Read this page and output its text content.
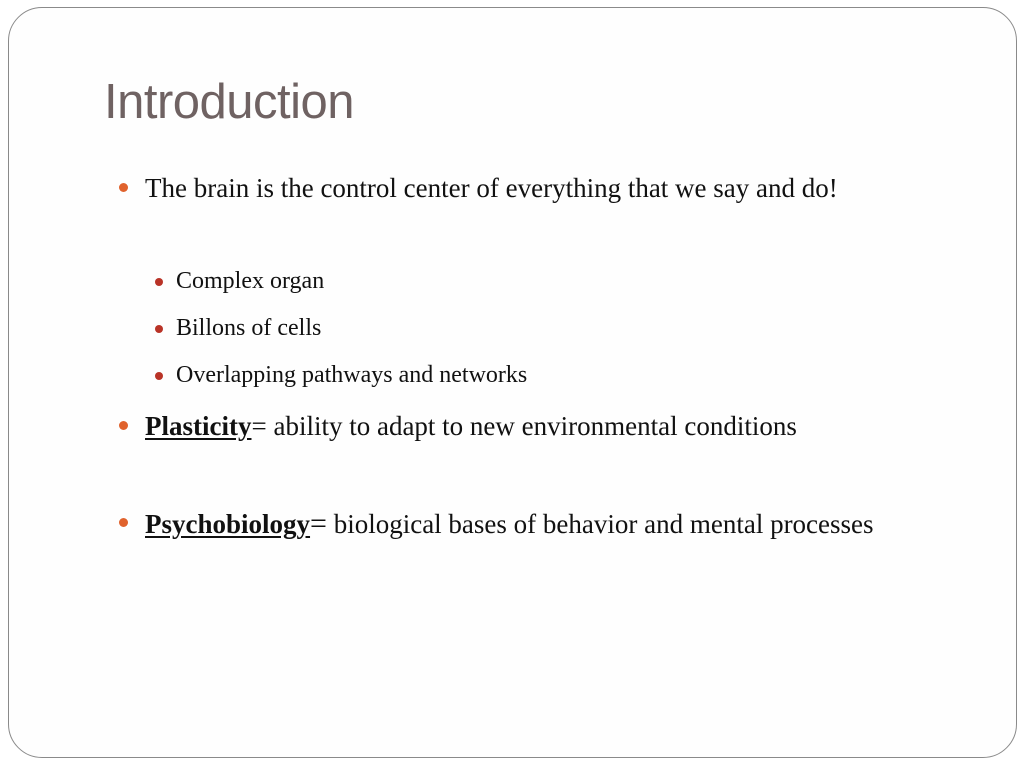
Introduction
The brain is the control center of everything that we say and do!
Complex organ
Billons of cells
Overlapping pathways and networks
Plasticity= ability to adapt to new environmental conditions
Psychobiology= biological bases of behavior and mental processes
